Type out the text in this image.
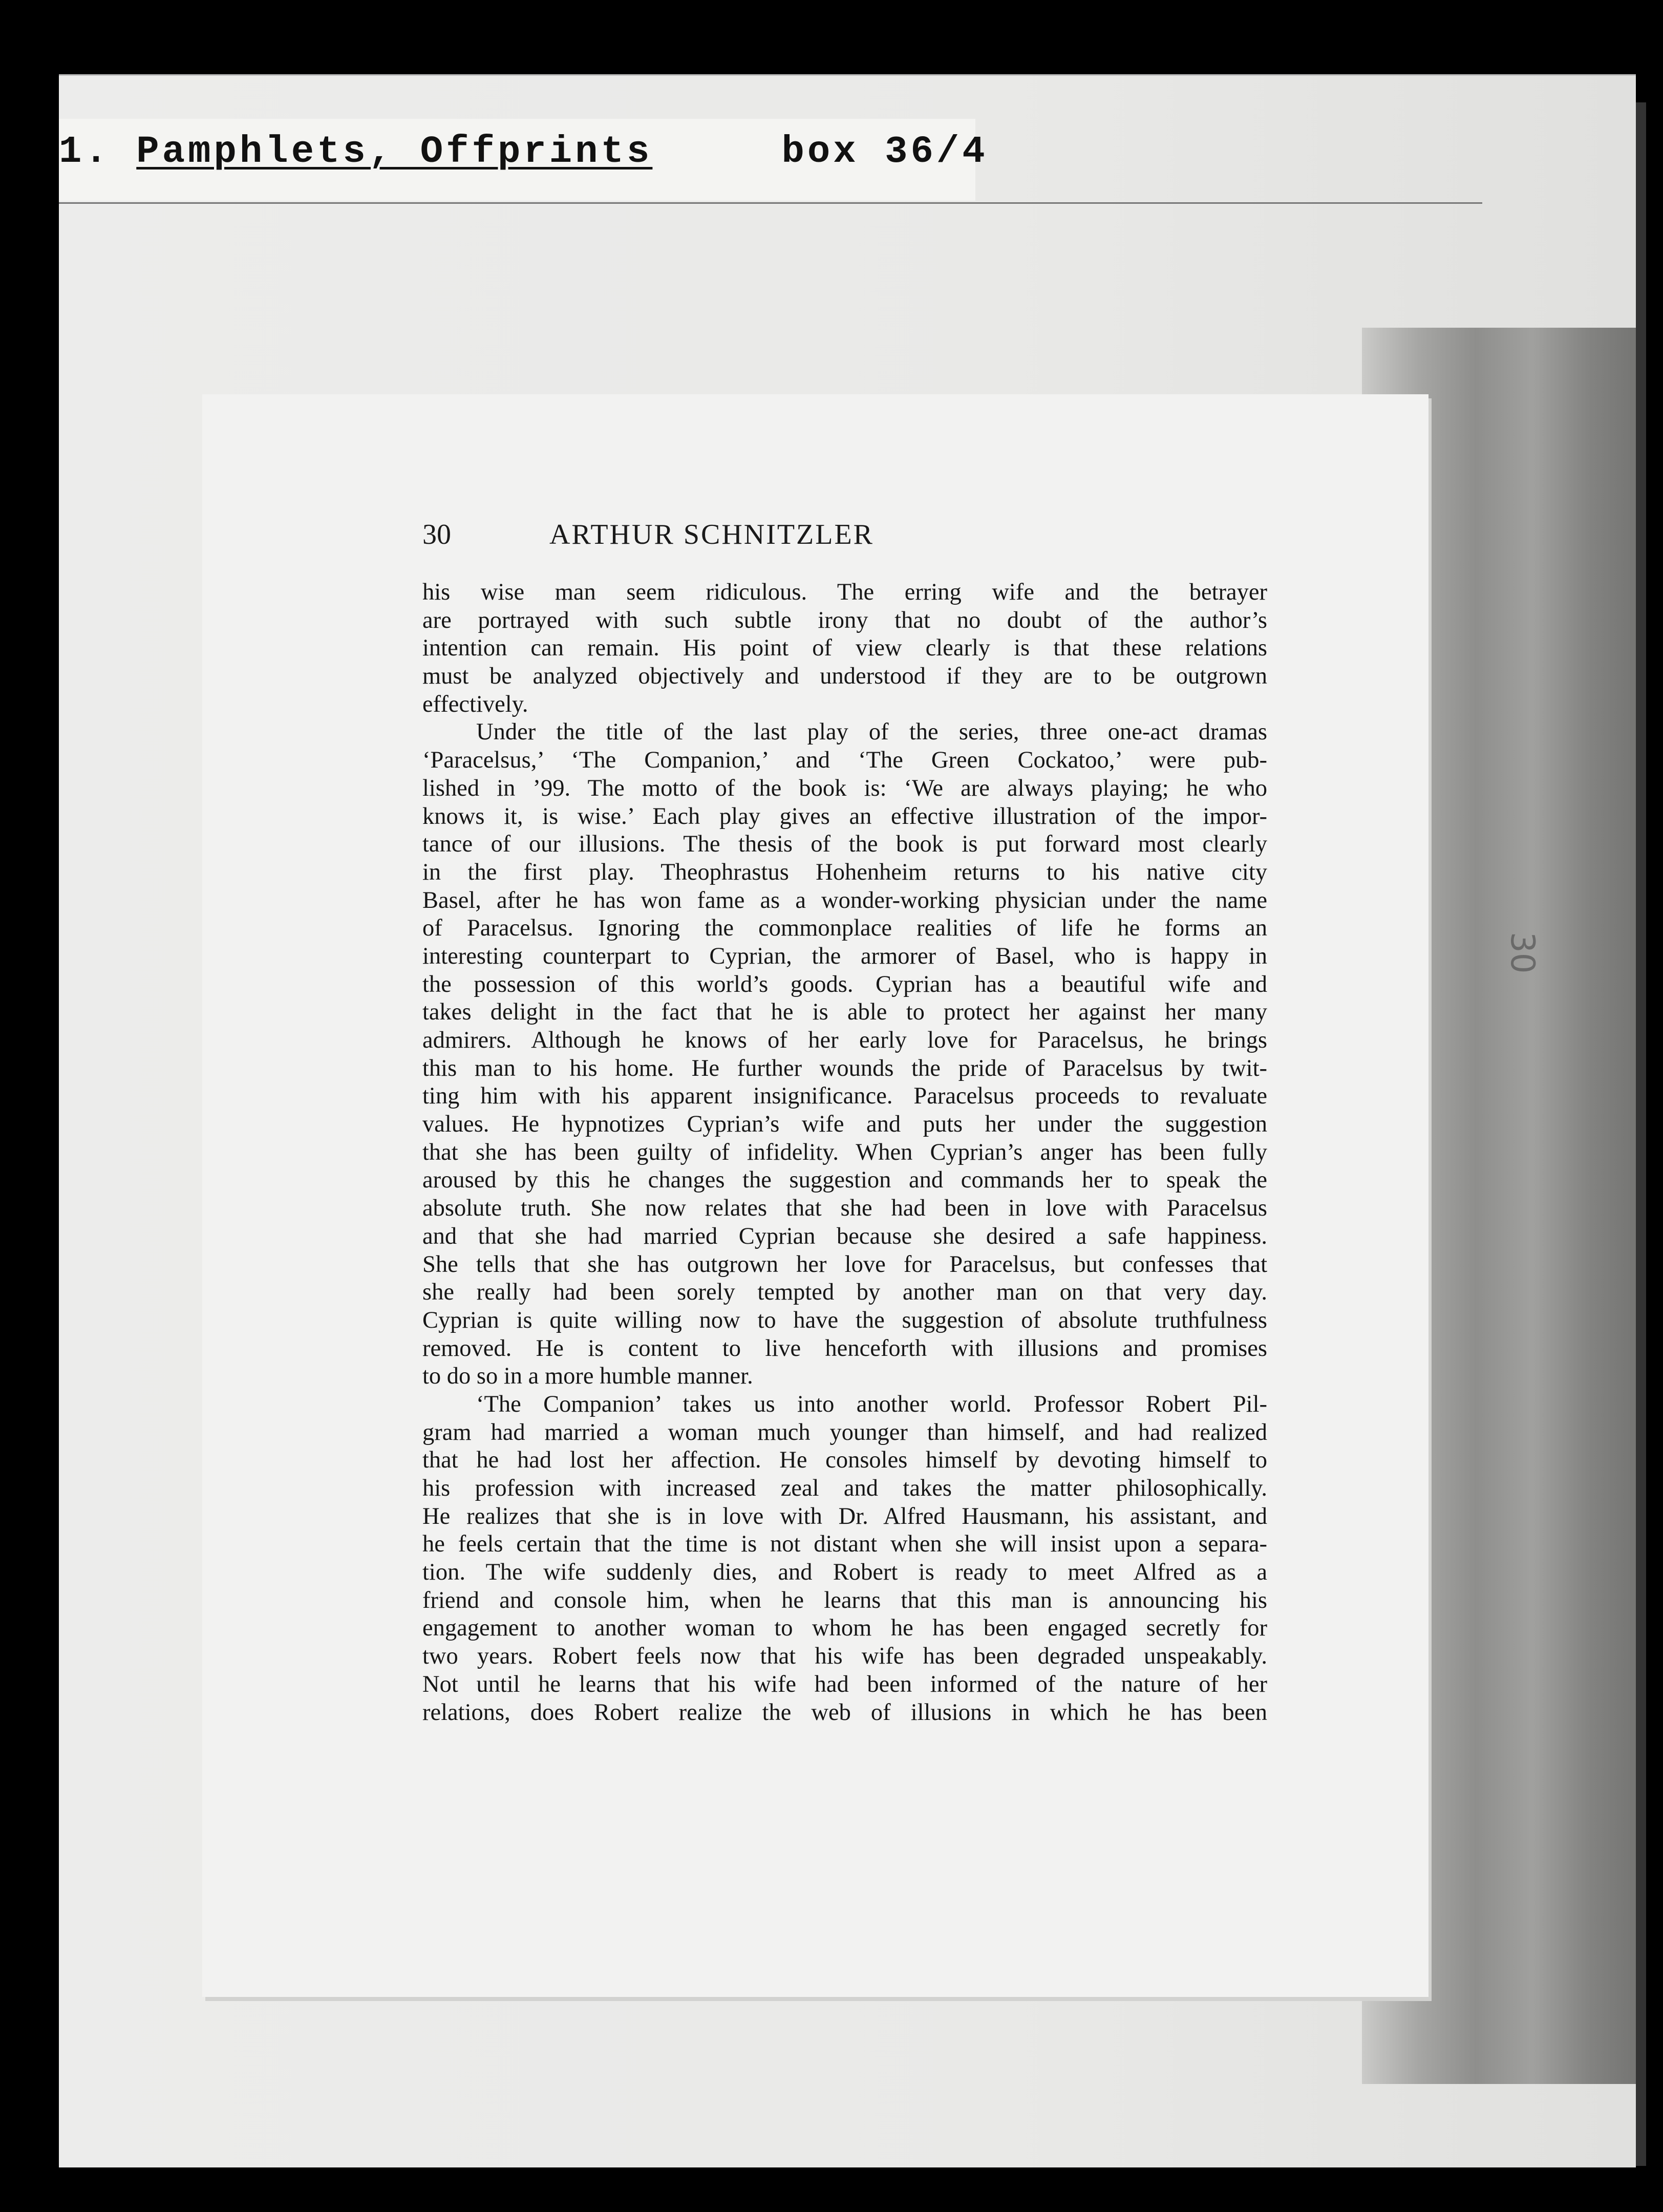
1. Pamphlets, Offprints	box 36/4
30	ARTHUR SCHNITZLER
his wise man seem ridiculous. The erring wife and the betrayer
are portrayed with such subtle irony that no doubt of the author’s
intention can remain. His point of view clearly is that these relations
must be analyzed objectively and understood if they are to be outgrown
effectively.
Under the title of the last play of the series, three one-act dramas
‘Paracelsus,’ ‘The Companion,’ and ‘The Green Cockatoo,’ were pub-
lished in ’99. The motto of the book is: ‘We are always playing; he who
knows it, is wise.’ Each play gives an effective illustration of the impor-
tance of our illusions. The thesis of the book is put forward most clearly
in the first play. Theophrastus Hohenheim returns to his native city
Basel, after he has won fame as a wonder-working physician under the name
of Paracelsus. Ignoring the commonplace realities of life he forms an
interesting counterpart to Cyprian, the armorer of Basel, who is happy in
the possession of this world’s goods. Cyprian has a beautiful wife and
takes delight in the fact that he is able to protect her against her many
admirers. Although he knows of her early love for Paracelsus, he brings
this man to his home. He further wounds the pride of Paracelsus by twit-
ting him with his apparent insignificance. Paracelsus proceeds to revaluate
values. He hypnotizes Cyprian’s wife and puts her under the suggestion
that she has been guilty of infidelity. When Cyprian’s anger has been fully
aroused by this he changes the suggestion and commands her to speak the
absolute truth. She now relates that she had been in love with Paracelsus
and that she had married Cyprian because she desired a safe happiness.
She tells that she has outgrown her love for Paracelsus, but confesses that
she really had been sorely tempted by another man on that very day.
Cyprian is quite willing now to have the suggestion of absolute truthfulness
removed. He is content to live henceforth with illusions and promises
to do so in a more humble manner.
‘The Companion’ takes us into another world. Professor Robert Pil-
gram had married a woman much younger than himself, and had realized
that he had lost her affection. He consoles himself by devoting himself to
his profession with increased zeal and takes the matter philosophically.
He realizes that she is in love with Dr. Alfred Hausmann, his assistant, and
he feels certain that the time is not distant when she will insist upon a separa-
tion. The wife suddenly dies, and Robert is ready to meet Alfred as a
friend and console him, when he learns that this man is announcing his
engagement to another woman to whom he has been engaged secretly for
two years. Robert feels now that his wife has been degraded unspeakably.
Not until he learns that his wife had been informed of the nature of her
relations, does Robert realize the web of illusions in which he has been
30
